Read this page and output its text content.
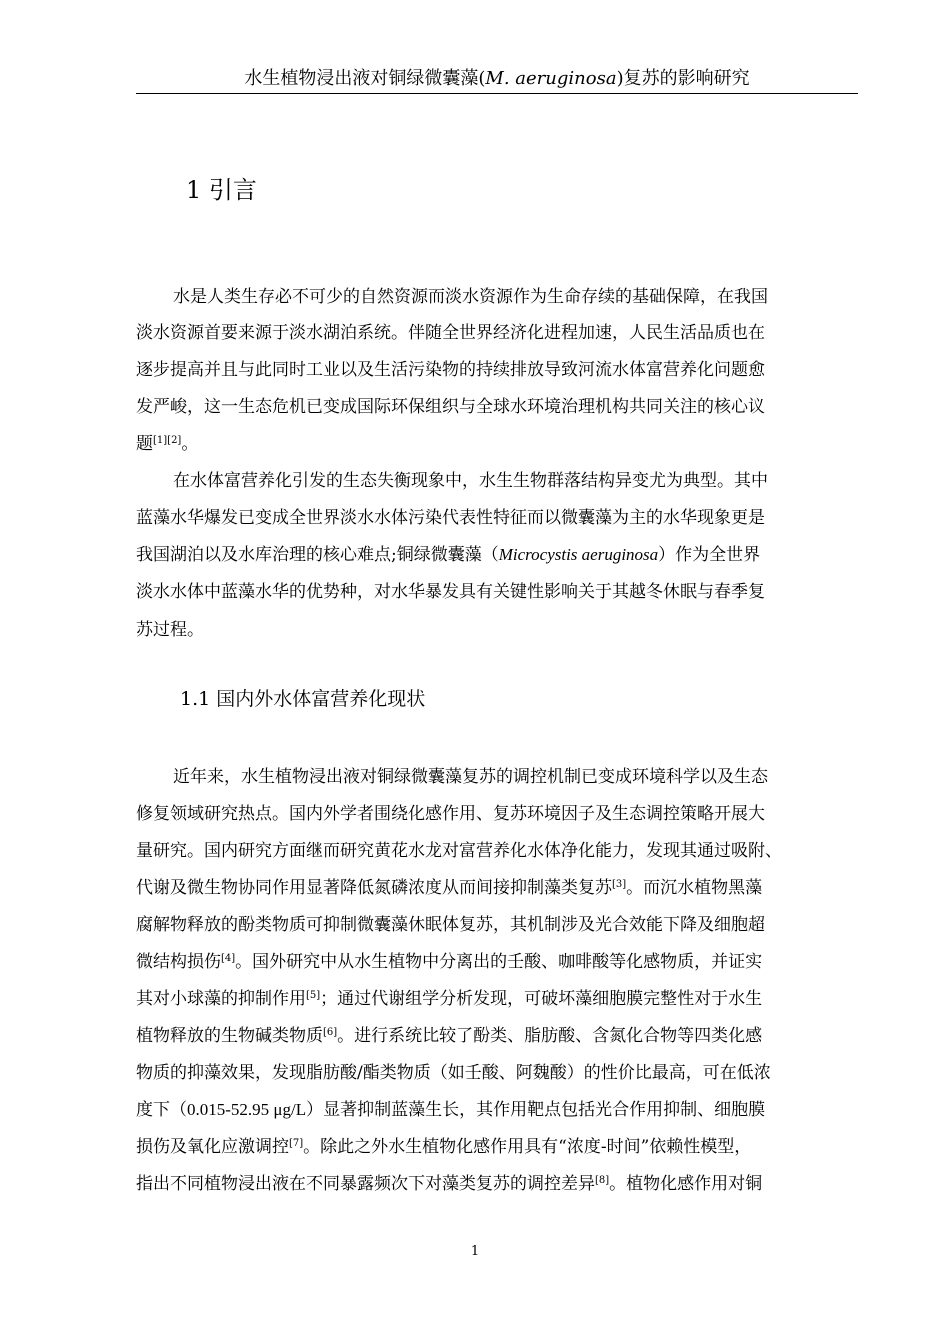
水生植物浸出液对铜绿微囊藻(M. aeruginosa)复苏的影响研究
1 引言
水是人类生存必不可少的自然资源而淡水资源作为生命存续的基础保障，在我国
淡水资源首要来源于淡水湖泊系统。伴随全世界经济化进程加速，人民生活品质也在
逐步提高并且与此同时工业以及生活污染物的持续排放导致河流水体富营养化问题愈
发严峻，这一生态危机已变成国际环保组织与全球水环境治理机构共同关注的核心议
题[1][2]。
在水体富营养化引发的生态失衡现象中，水生生物群落结构异变尤为典型。其中
蓝藻水华爆发已变成全世界淡水水体污染代表性特征而以微囊藻为主的水华现象更是
我国湖泊以及水库治理的核心难点;铜绿微囊藻（Microcystis aeruginosa）作为全世界
淡水水体中蓝藻水华的优势种，对水华暴发具有关键性影响关于其越冬休眠与春季复
苏过程。
1.1 国内外水体富营养化现状
近年来，水生植物浸出液对铜绿微囊藻复苏的调控机制已变成环境科学以及生态
修复领域研究热点。国内外学者围绕化感作用、复苏环境因子及生态调控策略开展大
量研究。国内研究方面继而研究黄花水龙对富营养化水体净化能力，发现其通过吸附、
代谢及微生物协同作用显著降低氮磷浓度从而间接抑制藻类复苏[3]。而沉水植物黑藻
腐解物释放的酚类物质可抑制微囊藻休眠体复苏，其机制涉及光合效能下降及细胞超
微结构损伤[4]。国外研究中从水生植物中分离出的壬酸、咖啡酸等化感物质，并证实
其对小球藻的抑制作用[5]；通过代谢组学分析发现，可破坏藻细胞膜完整性对于水生
植物释放的生物碱类物质[6]。进行系统比较了酚类、脂肪酸、含氮化合物等四类化感
物质的抑藻效果，发现脂肪酸/酯类物质（如壬酸、阿魏酸）的性价比最高，可在低浓
度下（0.015-52.95 μg/L）显著抑制蓝藻生长，其作用靶点包括光合作用抑制、细胞膜
损伤及氧化应激调控[7]。除此之外水生植物化感作用具有“浓度-时间”依赖性模型，
指出不同植物浸出液在不同暴露频次下对藻类复苏的调控差异[8]。植物化感作用对铜
1
